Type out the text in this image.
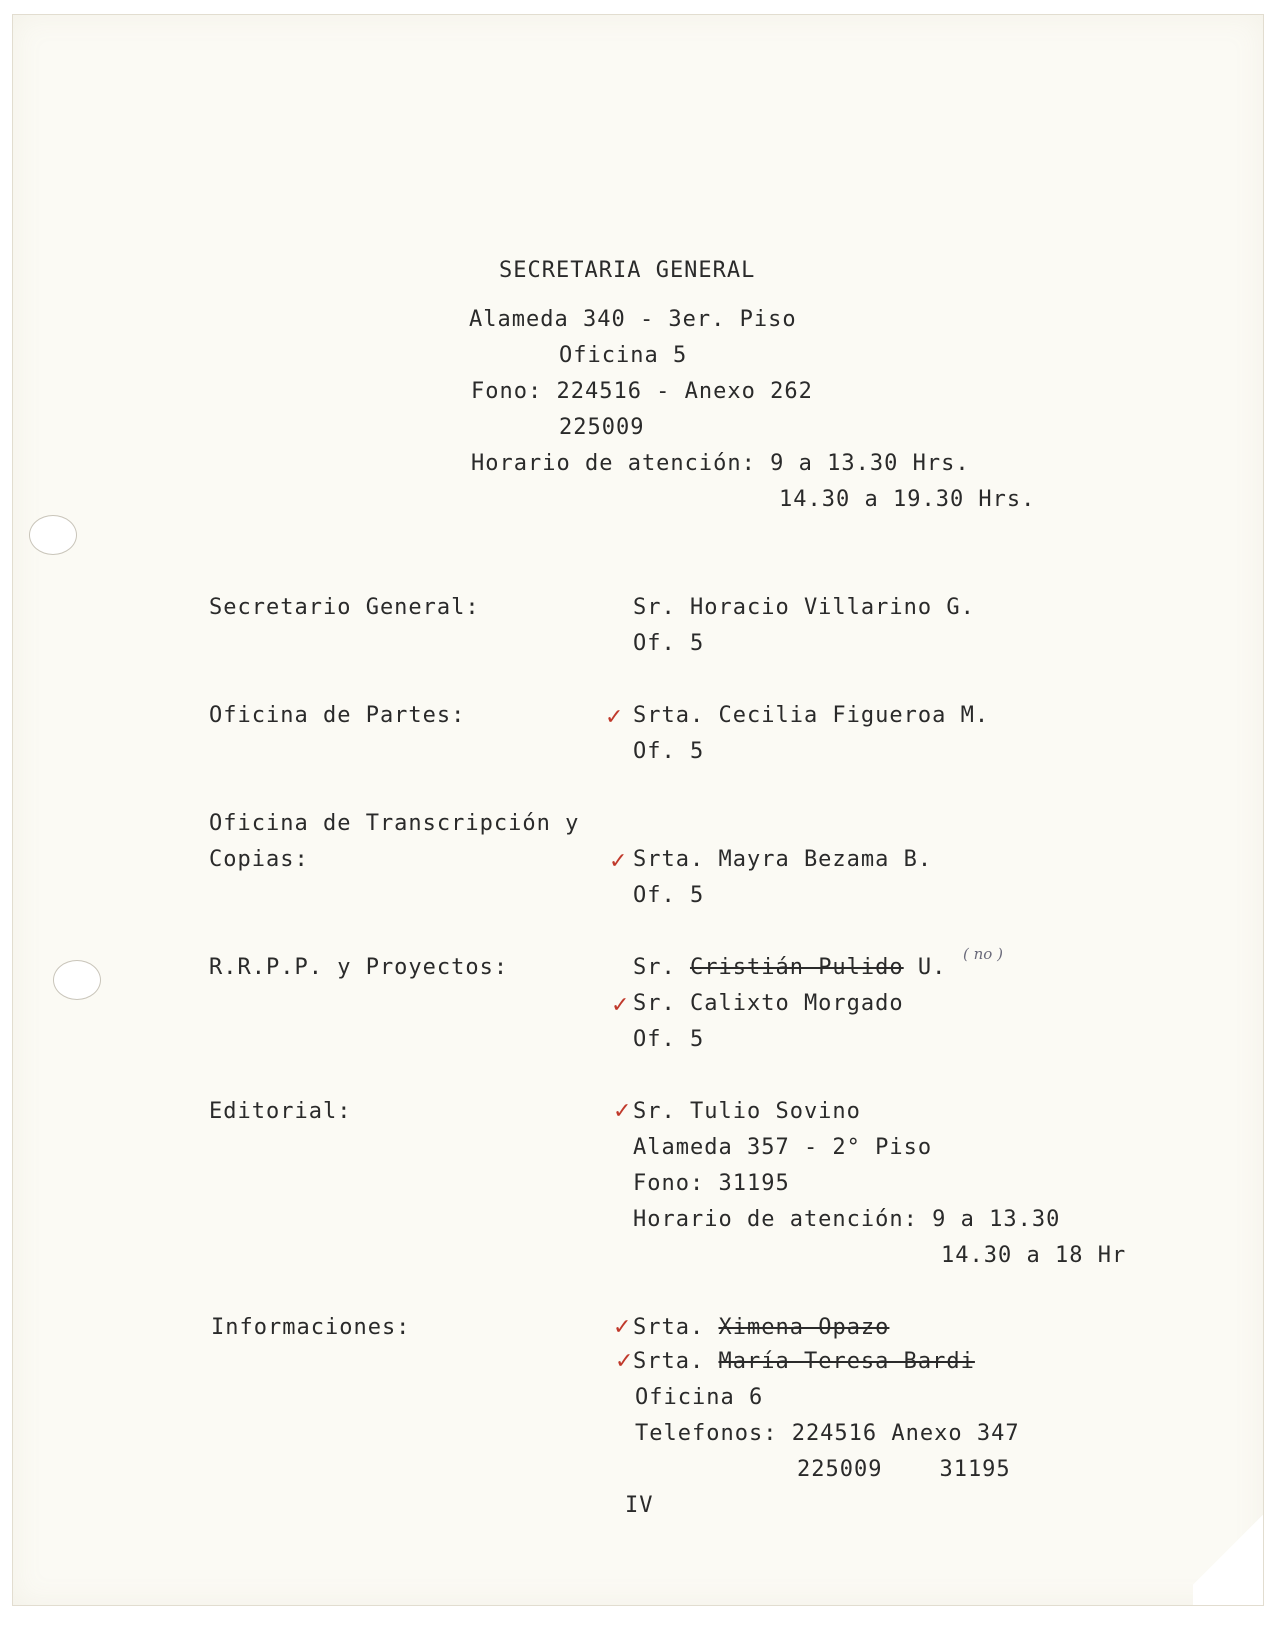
SECRETARIA GENERAL
Alameda 340 - 3er. Piso
Oficina 5
Fono: 224516 - Anexo 262
225009
Horario de atención: 9 a 13.30 Hrs.
14.30 a 19.30 Hrs.
Secretario General:	Sr. Horacio Villarino G.
Of. 5
Oficina de Partes:	✓ Srta. Cecilia Figueroa M.
Of. 5
Oficina de Transcripción y
Copias:	✓ Srta. Mayra Bezama B.
Of. 5
R.R.P.P. y Proyectos:	Sr. Cristián Pulido U.
( no )
✓ Sr. Calixto Morgado
Of. 5
Editorial:	✓ Sr. Tulio Sovino
Alameda 357 - 2° Piso
Fono: 31195
Horario de atención: 9 a 13.30
14.30 a 18 Hr
Informaciones:	✓ Srta. Ximena Opazo
✓ Srta. María Teresa Bardi
Oficina 6
Telefonos: 224516 Anexo 347
225009    31195
IV
